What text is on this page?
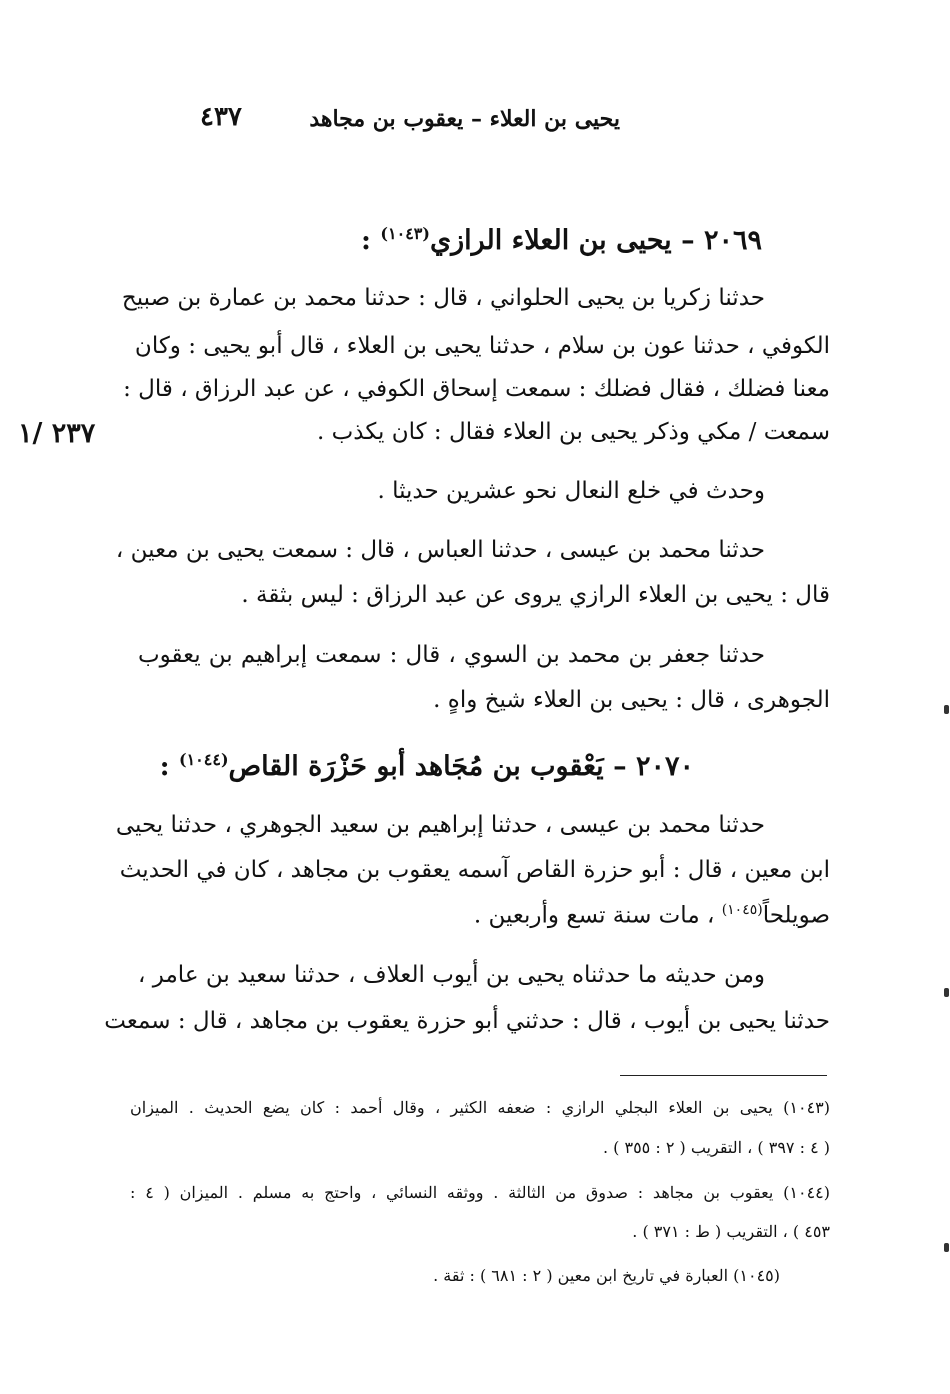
يحيى بن العلاء – يعقوب بن مجاهد
٤٣٧
٢٣٧ /١
٢٠٦٩ – يحيى بن العلاء الرازي$^{(١٠٤٣)}$ :
حدثنا زكريا بن يحيى الحلواني ، قال : حدثنا محمد بن عمارة بن صبيح
الكوفي ، حدثنا عون بن سلام ، حدثنا يحيى بن العلاء ، قال أبو يحيى : وكان
معنا فضلك ، فقال فضلك : سمعت إسحاق الكوفي ، عن عبد الرزاق ، قال :
سمعت / مكي وذكر يحيى بن العلاء فقال : كان يكذب .
وحدث في خلع النعال نحو عشرين حديثا .
حدثنا محمد بن عيسى ، حدثنا العباس ، قال : سمعت يحيى بن معين ،
قال : يحيى بن العلاء الرازي يروى عن عبد الرزاق : ليس بثقة .
حدثنا جعفر بن محمد بن السوي ، قال : سمعت إبراهيم بن يعقوب
الجوهرى ، قال : يحيى بن العلاء شيخ واهٍ .
٢٠٧٠ – يَعْقوب بن مُجَاهد أبو حَزْرَة القاص$^{(١٠٤٤)}$ :
حدثنا محمد بن عيسى ، حدثنا إبراهيم بن سعيد الجوهري ، حدثنا يحيى
ابن معين ، قال : أبو حزرة القاص آسمه يعقوب بن مجاهد ، كان في الحديث
صويلحاً$^{(١٠٤٥)}$ ، مات سنة تسع وأربعين .
ومن حديثه ما حدثناه يحيى بن أيوب العلاف ، حدثنا سعيد بن عامر ،
حدثنا يحيى بن أيوب ، قال : حدثني أبو حزرة يعقوب بن مجاهد ، قال : سمعت
(١٠٤٣) يحيى بن العلاء البجلي الرازي : ضعفه الكثير ، وقال أحمد : كان يضع الحديث . الميزان
( ٤ : ٣٩٧ ) ، التقريب ( ٢ : ٣٥٥ ) .
(١٠٤٤) يعقوب بن مجاهد : صدوق من الثالثة . ووثقه النسائي ، واحتج به مسلم . الميزان ( ٤ :
٤٥٣ ) ، التقريب ( ط : ٣٧١ ) .
(١٠٤٥) العبارة في تاريخ ابن معين ( ٢ : ٦٨١ ) : ثقة .
